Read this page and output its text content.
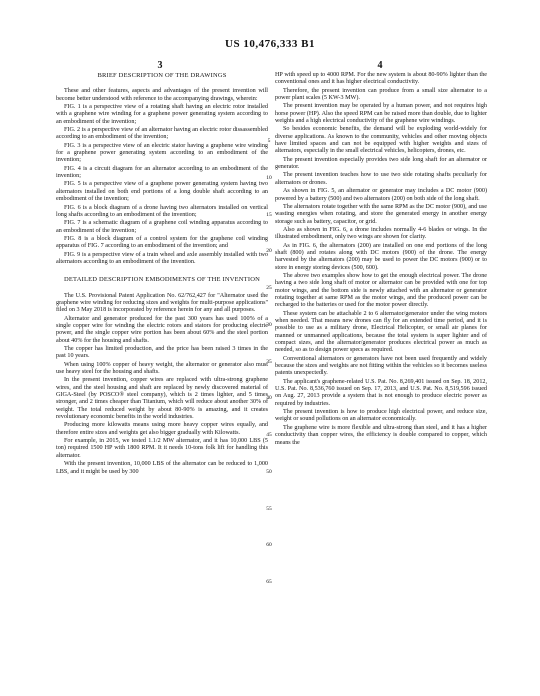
US 10,476,333 B1
3	4
BRIEF DESCRIPTION OF THE DRAWINGS

These and other features, aspects and advantages of the present invention will become better understood with reference to the accompanying drawings, wherein:

FIG. 1 is a perspective view of a rotating shaft having an electric rotor installed with a graphene wire winding for a graphene power generating system according to an embodiment of the invention;

FIG. 2 is a perspective view of an alternator having an electric rotor dissassembled according to an embodiment of the invention;

FIG. 3 is a perspective view of an electric stator having a graphene wire winding for a graphene power generating system according to an embodiment of the invention;

FIG. 4 is a circuit diagram for an alternator according to an embodiment of the invention;

FIG. 5 is a perspective view of a graphene power generating system having two alternators installed on both end portions of a long double shaft according to an embodiment of the invention;

FIG. 6 is a block diagram of a drone having two alternators installed on vertical long shafts according to an embodiment of the invention;

FIG. 7 is a schematic diagram of a graphene coil winding apparatus according to an embodiment of the invention;

FIG. 8 is a block diagram of a control system for the graphene coil winding apparatus of FIG. 7 according to an embodiment of the invention; and

FIG. 9 is a perspective view of a train wheel and axle assembly installed with two alternators according to an embodiment of the invention.

DETAILED DESCRIPTION EMBODIMENTS OF THE INVENTION

The U.S. Provisional Patent Application No. 62/762,427 for "Alternator used the graphene wire winding for reducing sizes and weights for multi-purpose applications" filed on 3 May 2018 is incorporated by reference herein for any and all purposes.

Alternator and generator produced for the past 300 years has used 100% of a single copper wire for winding the electric rotors and stators for producing electric power, and the single copper wire portion has been about 60% and the steel portion about 40% for the housing and shafts.

The copper has limited production, and the price has been raised 3 times in the past 10 years.

When using 100% copper of heavy weight, the alternator or generator also must use heavy steel for the housing and shafts.

In the present invention, copper wires are replaced with ultra-strong graphene wires, and the steel housing and shaft are replaced by newly discovered material of GIGA-Steel (by POSCO® steel company), which is 2 times lighter, and 5 times stronger, and 2 times cheaper than Titanium, which will reduce about another 30% of weight. The total reduced weight by about 80-90% is amazing, and it creates revolutionary economic benefits in the world industries.

Producing more kilowatts means using more heavy copper wires equally, and therefore entire sizes and weights get also bigger gradually with Kilowatts.

For example, in 2015, we tested 1.1/2 MW alternator, and it has 10,000 LBS (5 ton) required 1500 HP with 1800 RPM. It it needs 10-tons folk lift for handling this alternator.

With the present invention, 10,000 LBS of the alternator can be reduced to 1,000 LBS, and it might be used by 300

5
10
15
20
25
30
35
40
45
50
55
60
65

HP with speed up to 4000 RPM. For the new system is about 80-90% lighter than the conventional ones and it has higher electrical conductivity.

Therefore, the present invention can produce from a small size alternator to a power plant scales (5 KW-3 MW).

The present invention may be operated by a human power, and not requires high horse power (HP). Also the speed RPM can be raised more than double, due to lighter weights and a high electrical conductivity of the graphene wire windings.

So besides economic benefits, the demand will be exploding world-widely for diverse applications. As known to the community, vehicles and other moving objects have limited spaces and can not be equipped with higher weights and sizes of alternators, especially in the small electrical vehicles, helicopters, drones, etc.

The present invention especially provides two side long shaft for an alternator or generator.

The present invention teaches how to use two side rotating shafts peculiarly for alternators or drones.

As shown in FIG. 5, an alternator or generator may includes a DC motor (900) powered by a battery (500) and two alternators (200) on both side of the long shaft.

The alternators rotate together with the same RPM as the DC motor (900), and use wasting energies when rotating, and store the generated energy in another energy storage such as battery, capacitor, or grid.

Also as shown in FIG. 6, a drone includes normally 4-6 blades or wings. In the illustrated embodiment, only two wings are shown for clarity.

As in FIG. 6, the alternators (200) are installed on one end portions of the long shaft (800) and rotates along with DC motors (900) of the drone. The energy harvested by the alternators (200) may be used to power the DC motors (900) or to store in energy storing devices (500, 600).

The above two examples show how to get the enough electrical power. The drone having a two side long shaft of motor or alternator can be provided with one for top motor wings, and the bottom side is newly attached with an alternator or generator rotating together at same RPM as the motor wings, and the produced power can be recharged to the batteries or used for the motor power directly.

These system can be attachable 2 to 6 alternator/generator under the wing motors when needed. That means new drones can fly for an extended time period, and it is possible to use as a military drone, Electrical Helicopter, or small air planes for manned or unmanned applications, because the total system is super lighter and of compact sizes, and the alternator/generator produces electrical power as much as needed, so as to design power specs as required.

Conventional alternators or generators have not been used frequently and widely because the sizes and weights are not fitting within the vehicles so it becomes useless patents unexpectedly.

The applicant's graphene-related U.S. Pat. No. 8,269,401 issued on Sep. 18, 2012, U.S. Pat. No. 8,536,760 issued on Sep. 17, 2013, and U.S. Pat. No. 8,519,596 issued on Aug. 27, 2013 provide a system that is not enough to produce electric power as required by industries.

The present invention is how to produce high electrical power, and reduce size, weight or sound pollutions on an alternator economically.

The graphene wire is more flexible and ultra-strong than steel, and it has a higher conductivity than copper wires, the efficiency is double compared to copper, which means the
